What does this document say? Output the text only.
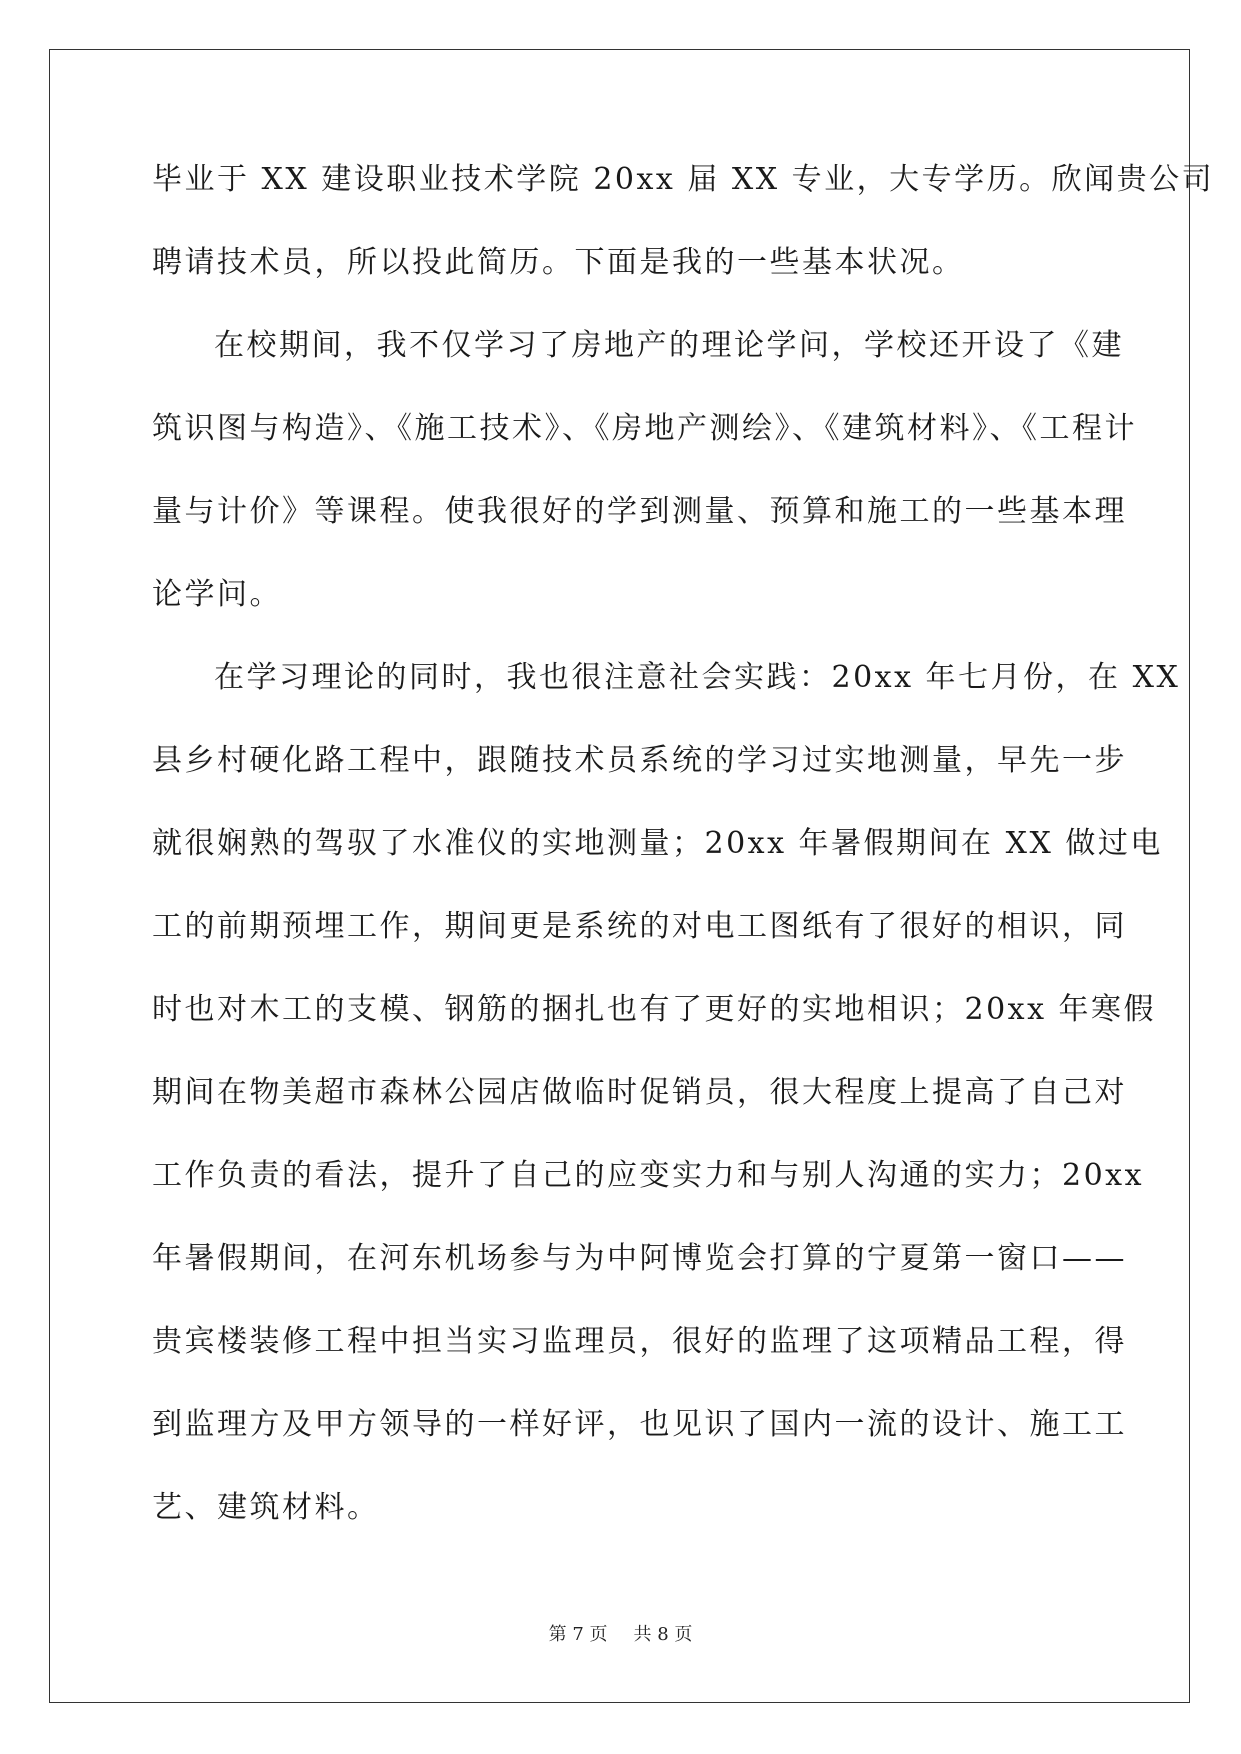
毕业于 XX 建设职业技术学院 20xx 届 XX 专业，大专学历。欣闻贵公司

聘请技术员，所以投此简历。下面是我的一些基本状况。

在校期间，我不仅学习了房地产的理论学问，学校还开设了《建

筑识图与构造》、《施工技术》、《房地产测绘》、《建筑材料》、《工程计

量与计价》等课程。使我很好的学到测量、预算和施工的一些基本理

论学问。

在学习理论的同时，我也很注意社会实践：20xx 年七月份，在 XX

县乡村硬化路工程中，跟随技术员系统的学习过实地测量，早先一步

就很娴熟的驾驭了水准仪的实地测量；20xx 年暑假期间在 XX 做过电

工的前期预埋工作，期间更是系统的对电工图纸有了很好的相识，同

时也对木工的支模、钢筋的捆扎也有了更好的实地相识；20xx 年寒假

期间在物美超市森林公园店做临时促销员，很大程度上提高了自己对

工作负责的看法，提升了自己的应变实力和与别人沟通的实力；20xx

年暑假期间，在河东机场参与为中阿博览会打算的宁夏第一窗口——

贵宾楼装修工程中担当实习监理员，很好的监理了这项精品工程，得

到监理方及甲方领导的一样好评，也见识了国内一流的设计、施工工

艺、建筑材料。

第 7 页 共 8 页
